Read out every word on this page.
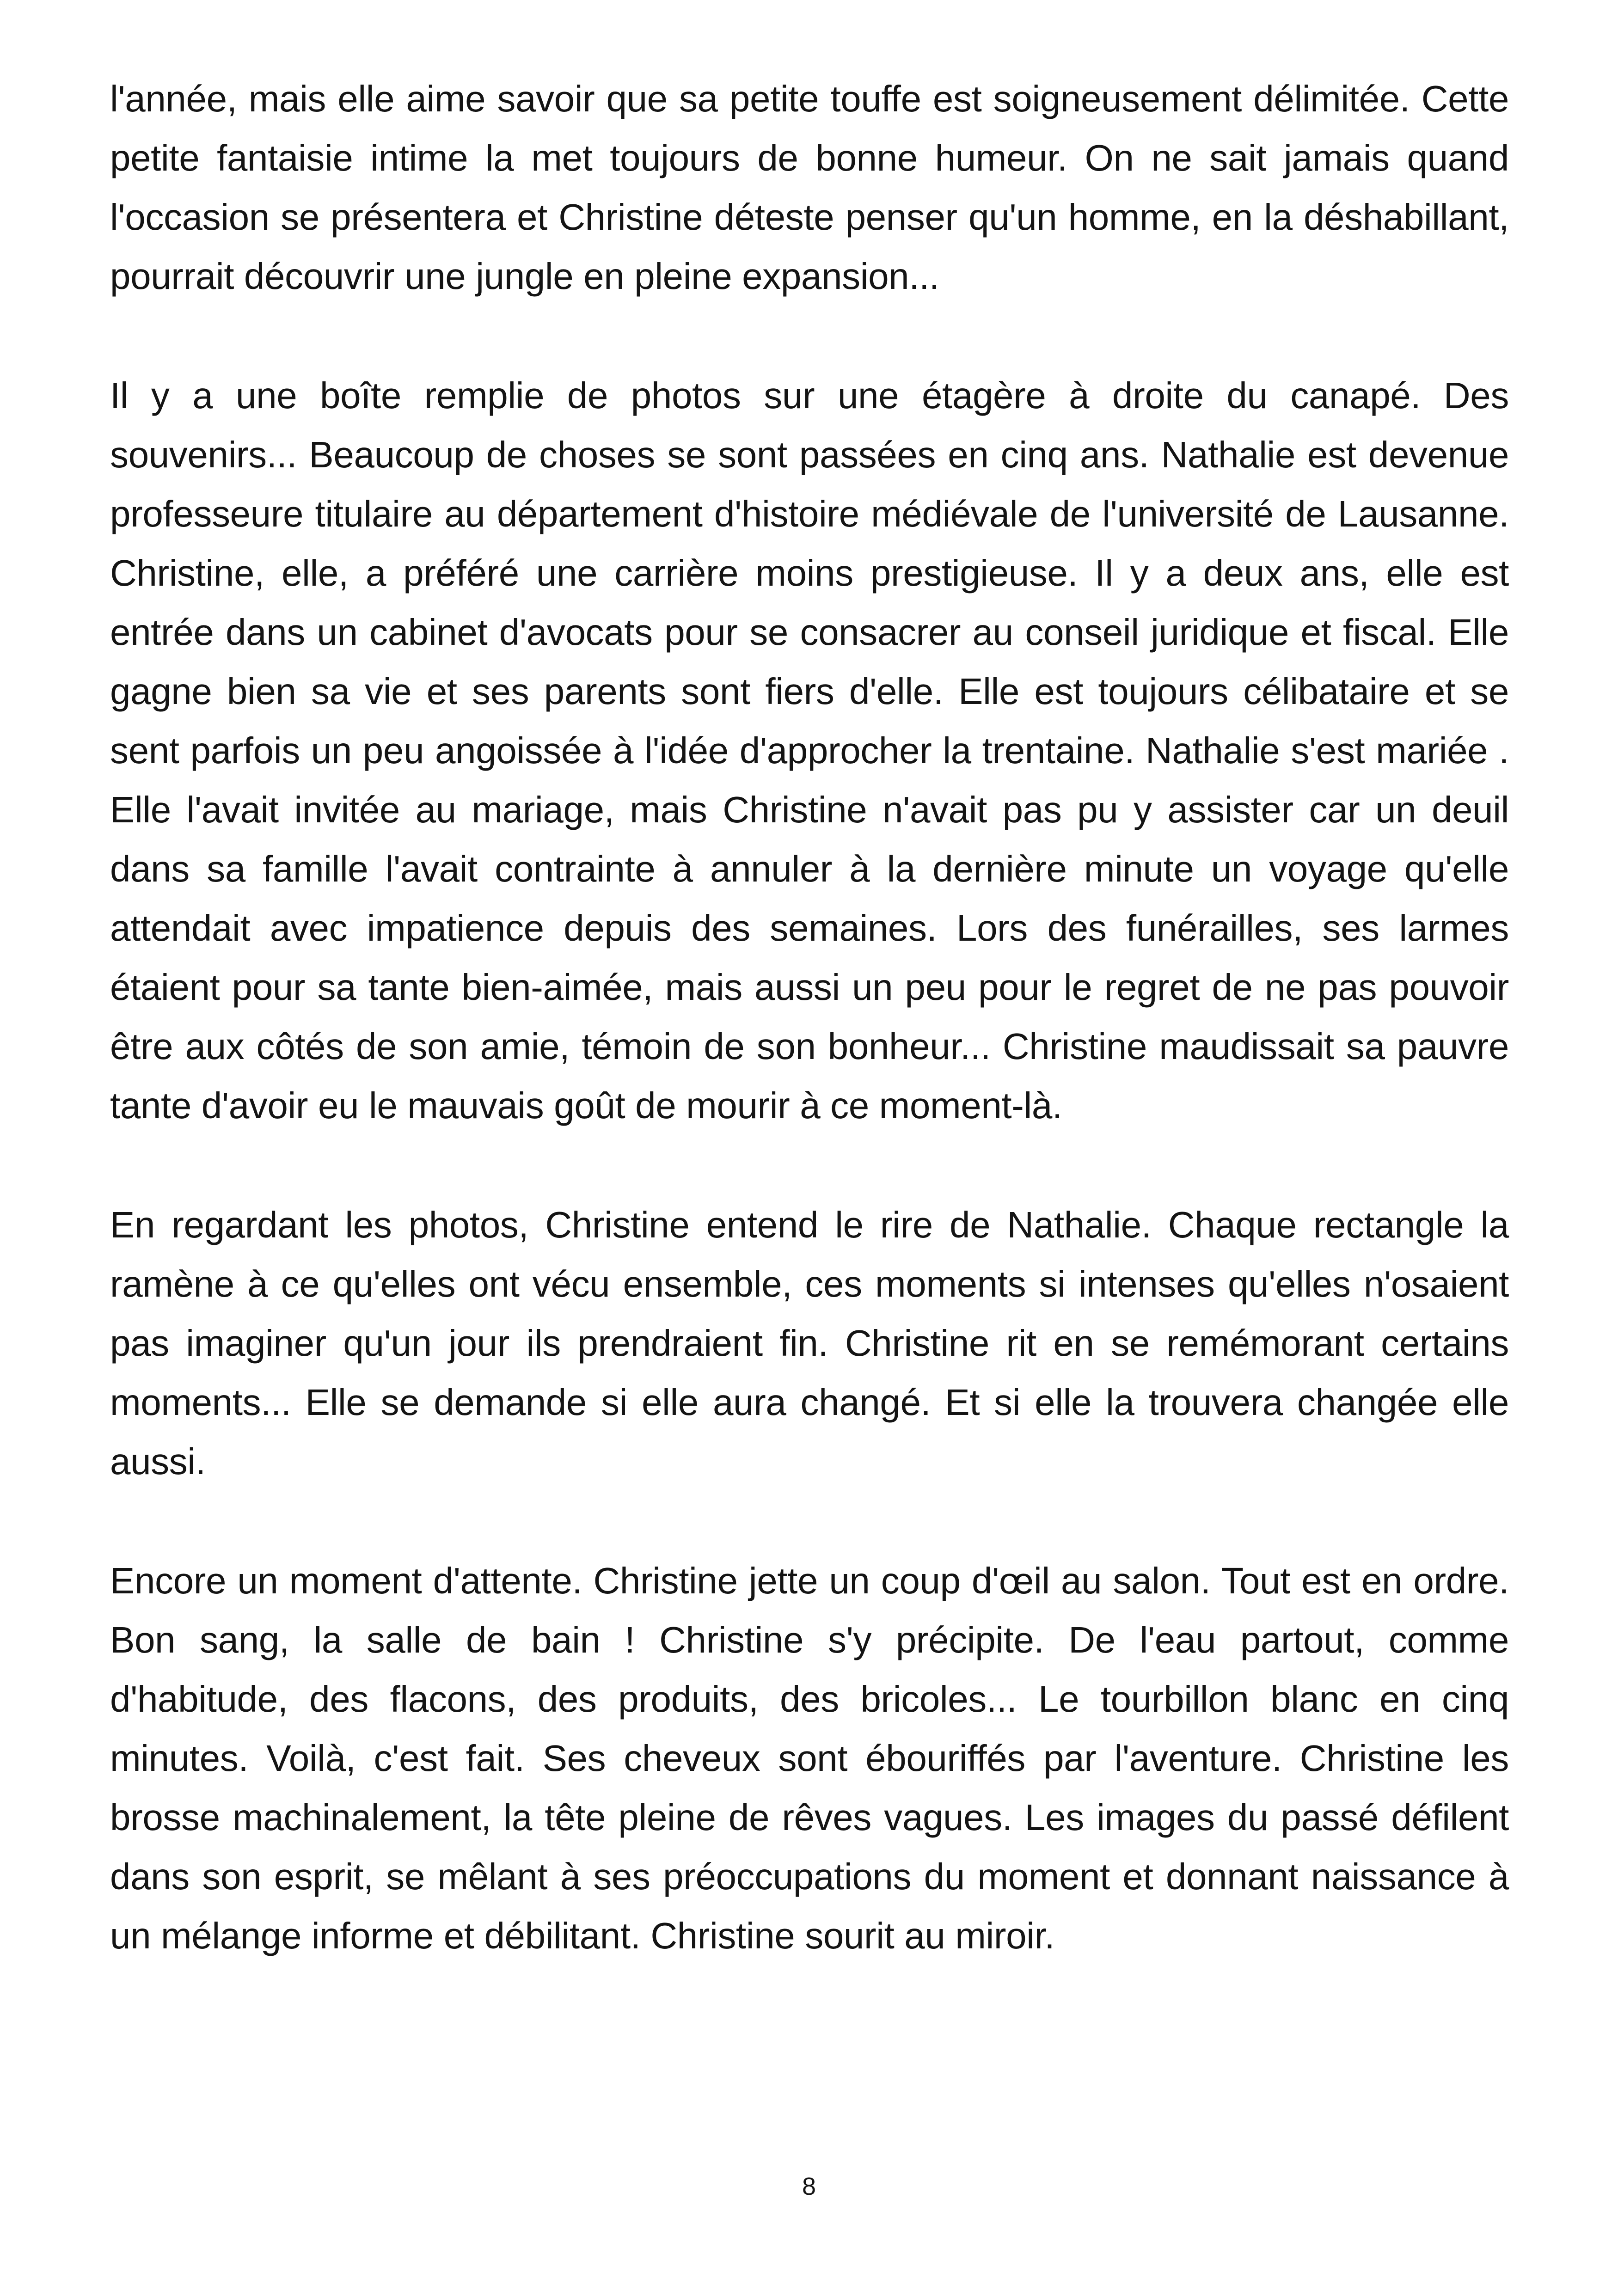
l'année, mais elle aime savoir que sa petite touffe est soigneusement délimitée. Cette petite fantaisie intime la met toujours de bonne humeur. On ne sait jamais quand l'occasion se présentera et Christine déteste penser qu'un homme, en la déshabillant, pourrait découvrir une jungle en pleine expansion...

Il y a une boîte remplie de photos sur une étagère à droite du canapé. Des souvenirs... Beaucoup de choses se sont passées en cinq ans. Nathalie est devenue professeure titulaire au département d'histoire médiévale de l'université de Lausanne. Christine, elle, a préféré une carrière moins prestigieuse. Il y a deux ans, elle est entrée dans un cabinet d'avocats pour se consacrer au conseil juridique et fiscal. Elle gagne bien sa vie et ses parents sont fiers d'elle. Elle est toujours célibataire et se sent parfois un peu angoissée à l'idée d'approcher la trentaine. Nathalie s'est mariée . Elle l'avait invitée au mariage, mais Christine n'avait pas pu y assister car un deuil dans sa famille l'avait contrainte à annuler à la dernière minute un voyage qu'elle attendait avec impatience depuis des semaines. Lors des funérailles, ses larmes étaient pour sa tante bien-aimée, mais aussi un peu pour le regret de ne pas pouvoir être aux côtés de son amie, témoin de son bonheur... Christine maudissait sa pauvre tante d'avoir eu le mauvais goût de mourir à ce moment-là.

En regardant les photos, Christine entend le rire de Nathalie. Chaque rectangle la ramène à ce qu'elles ont vécu ensemble, ces moments si intenses qu'elles n'osaient pas imaginer qu'un jour ils prendraient fin. Christine rit en se remémorant certains moments... Elle se demande si elle aura changé. Et si elle la trouvera changée elle aussi.

Encore un moment d'attente. Christine jette un coup d'œil au salon. Tout est en ordre. Bon sang, la salle de bain ! Christine s'y précipite. De l'eau partout, comme d'habitude, des flacons, des produits, des bricoles... Le tourbillon blanc en cinq minutes. Voilà, c'est fait. Ses cheveux sont ébouriffés par l'aventure. Christine les brosse machinalement, la tête pleine de rêves vagues. Les images du passé défilent dans son esprit, se mêlant à ses préoccupations du moment et donnant naissance à un mélange informe et débilitant. Christine sourit au miroir.

8
